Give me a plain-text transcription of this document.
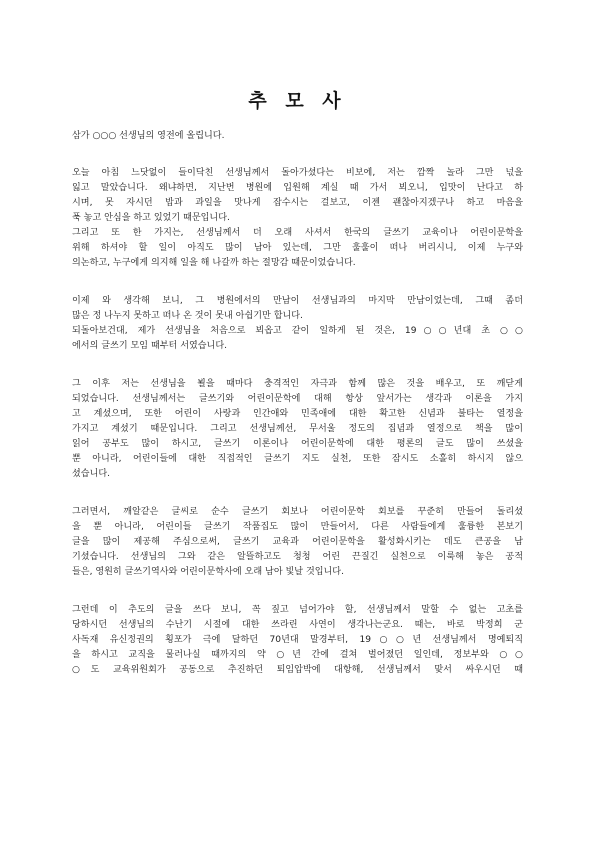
추 모 사
삼가 ○○○ 선생님의 영전에 올립니다.
오늘 아침 느닷없이 들이닥친 선생님께서 돌아가셨다는 비보에, 저는 깜짝 놀라 그만 넋을
잃고 말았습니다. 왜냐하면, 지난번 병원에 입원해 계실 때 가서 뵈오니, 입맛이 난다고 하
시며, 못 자시던 밥과 과일을 맛나게 잡수시는 걸보고, 이젠 괜찮아지겠구나 하고 마음을
푹 놓고 안심을 하고 있었기 때문입니다.
그리고 또 한 가지는, 선생님께서 더 오래 사셔서 한국의 글쓰기 교육이나 어린이문학을
위해 하셔야 할 일이 아직도 많이 남아 있는데, 그만 훌훌이 떠나 버리시니, 이제 누구와
의논하고, 누구에게 의지해 일을 해 나갈까 하는 절망감 때문이었습니다.
이제 와 생각해 보니, 그 병원에서의 만남이 선생님과의 마지막 만남이었는데, 그때 좀더
많은 정 나누지 못하고 떠나 온 것이 못내 아쉽기만 합니다.
되돌아보건대, 제가 선생님을 처음으로 뵈옵고 같이 일하게 된 것은, 19○○년대 초 ○○
에서의 글쓰기 모임 때부터 서였습니다.
그 이후 저는 선생님을 뵐을 때마다 충격적인 자극과 함께 많은 것을 배우고, 또 깨닫게
되었습니다. 선생님께서는 글쓰기와 어린이문학에 대해 항상 앞서가는 생각과 이론을 가지
고 계셨으며, 또한 어린이 사랑과 인간애와 민족애에 대한 확고한 신념과 불타는 열정을
가지고 계셨기 때문입니다. 그리고 선생님께선, 무서울 정도의 집념과 열정으로 책을 많이
읽어 공부도 많이 하시고, 글쓰기 이론이나 어린이문학에 대한 평론의 글도 많이 쓰셨을
뿐 아니라, 어린이들에 대한 직접적인 글쓰기 지도 실천, 또한 잠시도 소홀히 하시지 않으
셨습니다.
그러면서, 깨알같은 글씨로 순수 글쓰기 회보나 어린이문학 회보를 꾸준히 만들어 돌리셨
을 뿐 아니라, 어린이들 글쓰기 작품집도 많이 만들어서, 다른 사람들에게 훌륭한 본보기
글을 많이 제공해 주심으로써, 글쓰기 교육과 어린이문학을 활성화시키는 데도 큰공을 남
기셨습니다. 선생님의 그와 같은 알뜰하고도 청청 어린 끈질긴 실천으로 이룩해 놓은 공적
들은, 영원히 글쓰기역사와 어린이문학사에 오래 남아 빛날 것입니다.
그런데 이 추도의 글을 쓰다 보니, 꼭 짚고 넘어가야 할, 선생님께서 말할 수 없는 고초를
당하시던 선생님의 수난기 시절에 대한 쓰라린 사연이 생각나는군요. 때는, 바로 박정희 군
사독재 유신정권의 횡포가 극에 달하던 70년대 말경부터, 19○○년 선생님께서 명예퇴직
을 하시고 교직을 물러나실 때까지의 약 ○년 간에 걸쳐 벌어졌던 일인데, 정보부와 ○○
○도 교육위원회가 공동으로 추진하던 퇴임압박에 대항해, 선생님께서 맞서 싸우시던 때
